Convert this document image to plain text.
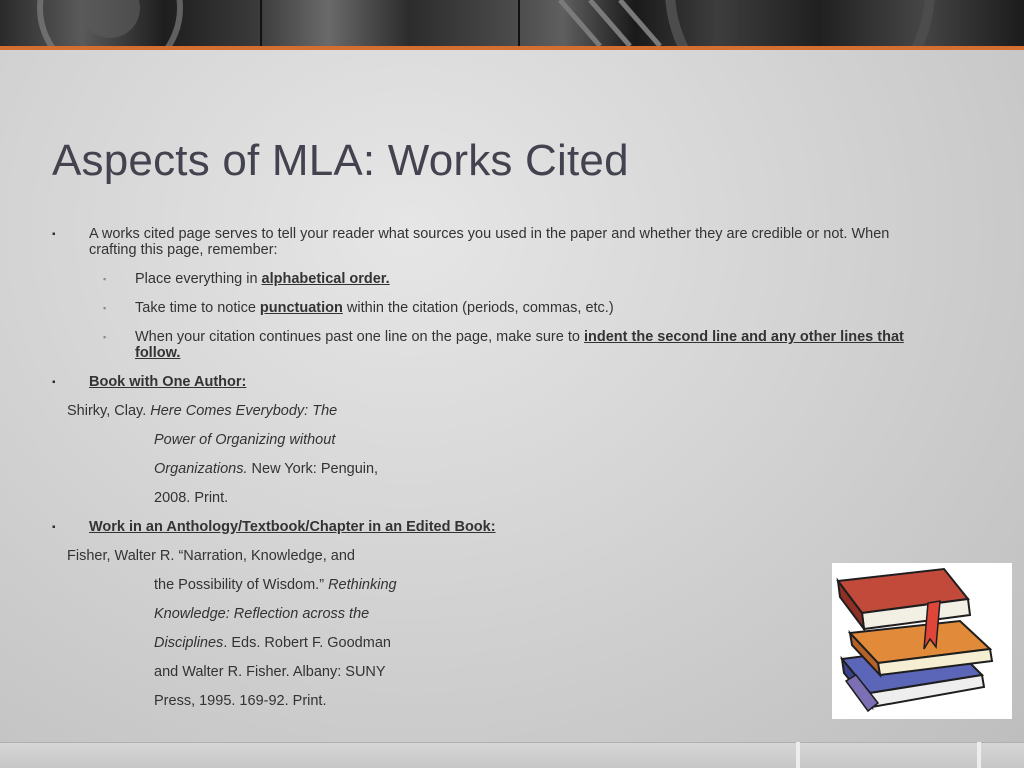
Aspects of MLA: Works Cited
▪ A works cited page serves to tell your reader what sources you used in the paper and whether they are credible or not. When
crafting this page, remember:
▪ Place everything in alphabetical order.
▪ Take time to notice punctuation within the citation (periods, commas, etc.)
▪ When your citation continues past one line on the page, make sure to indent the second line and any other lines that
follow.
▪ Book with One Author:
Shirky, Clay. Here Comes Everybody: The
Power of Organizing without
Organizations. New York: Penguin,
2008. Print.
▪ Work in an Anthology/Textbook/Chapter in an Edited Book:
Fisher, Walter R. “Narration, Knowledge, and
the Possibility of Wisdom.” Rethinking
Knowledge: Reflection across the
Disciplines. Eds. Robert F. Goodman
and Walter R. Fisher. Albany: SUNY
Press, 1995. 169-92. Print.
